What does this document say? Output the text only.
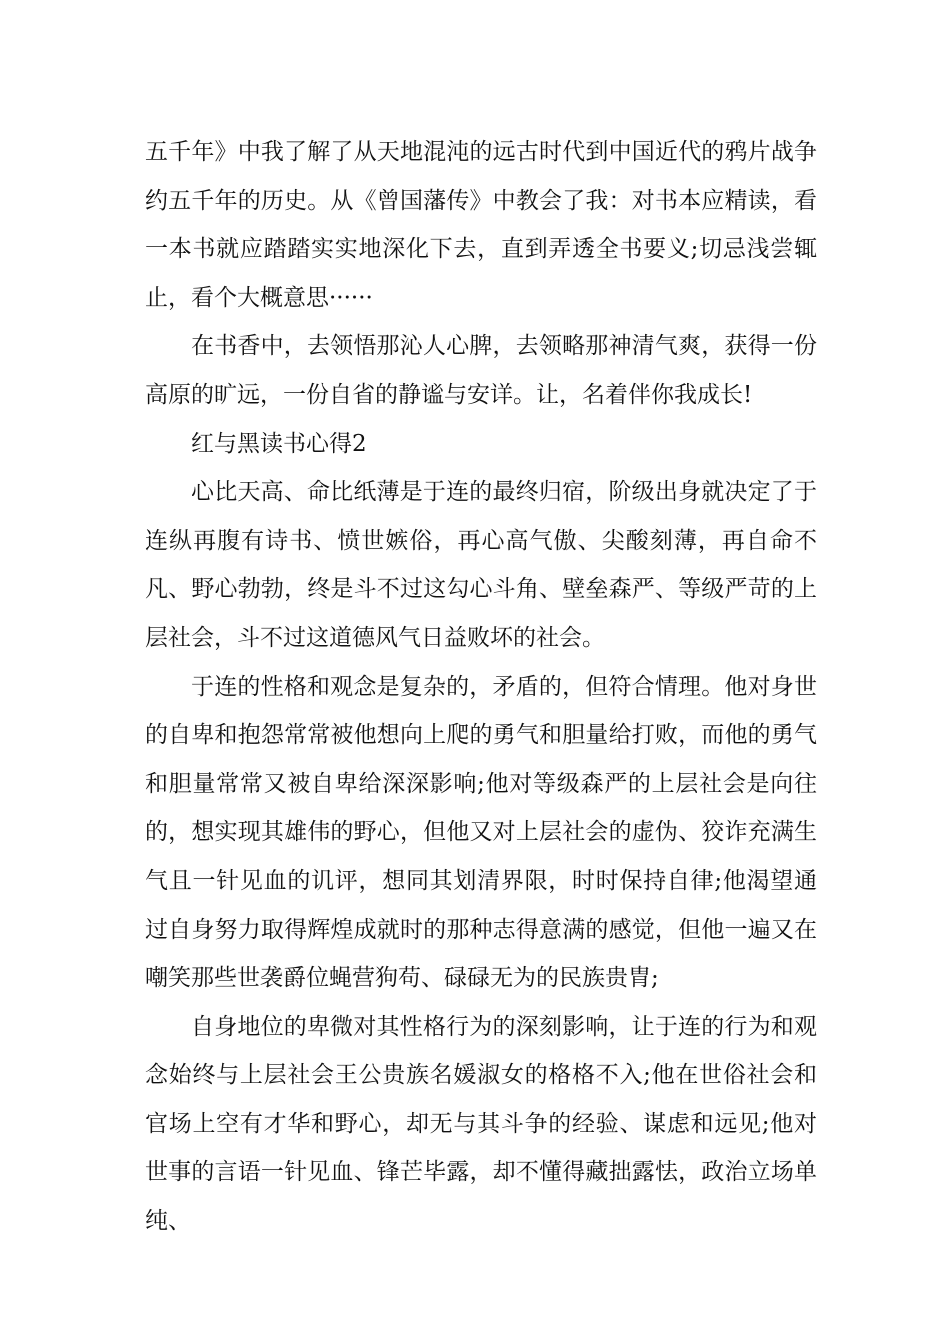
五千年》中我了解了从天地混沌的远古时代到中国近代的鸦片战争约五千年的历史。从《曾国藩传》中教会了我：对书本应精读，看一本书就应踏踏实实地深化下去，直到弄透全书要义;切忌浅尝辄止，看个大概意思······

在书香中，去领悟那沁人心脾，去领略那神清气爽，获得一份高原的旷远，一份自省的静谧与安详。让，名着伴你我成长!

红与黑读书心得2

心比天高、命比纸薄是于连的最终归宿，阶级出身就决定了于连纵再腹有诗书、愤世嫉俗，再心高气傲、尖酸刻薄，再自命不凡、野心勃勃，终是斗不过这勾心斗角、壁垒森严、等级严苛的上层社会，斗不过这道德风气日益败坏的社会。

于连的性格和观念是复杂的，矛盾的，但符合情理。他对身世的自卑和抱怨常常被他想向上爬的勇气和胆量给打败，而他的勇气和胆量常常又被自卑给深深影响;他对等级森严的上层社会是向往的，想实现其雄伟的野心，但他又对上层社会的虚伪、狡诈充满生气且一针见血的讥评，想同其划清界限，时时保持自律;他渴望通过自身努力取得辉煌成就时的那种志得意满的感觉，但他一遍又在嘲笑那些世袭爵位蝇营狗苟、碌碌无为的民族贵胄;

自身地位的卑微对其性格行为的深刻影响，让于连的行为和观念始终与上层社会王公贵族名媛淑女的格格不入;他在世俗社会和官场上空有才华和野心，却无与其斗争的经验、谋虑和远见;他对世事的言语一针见血、锋芒毕露，却不懂得藏拙露怯，政治立场单纯、
